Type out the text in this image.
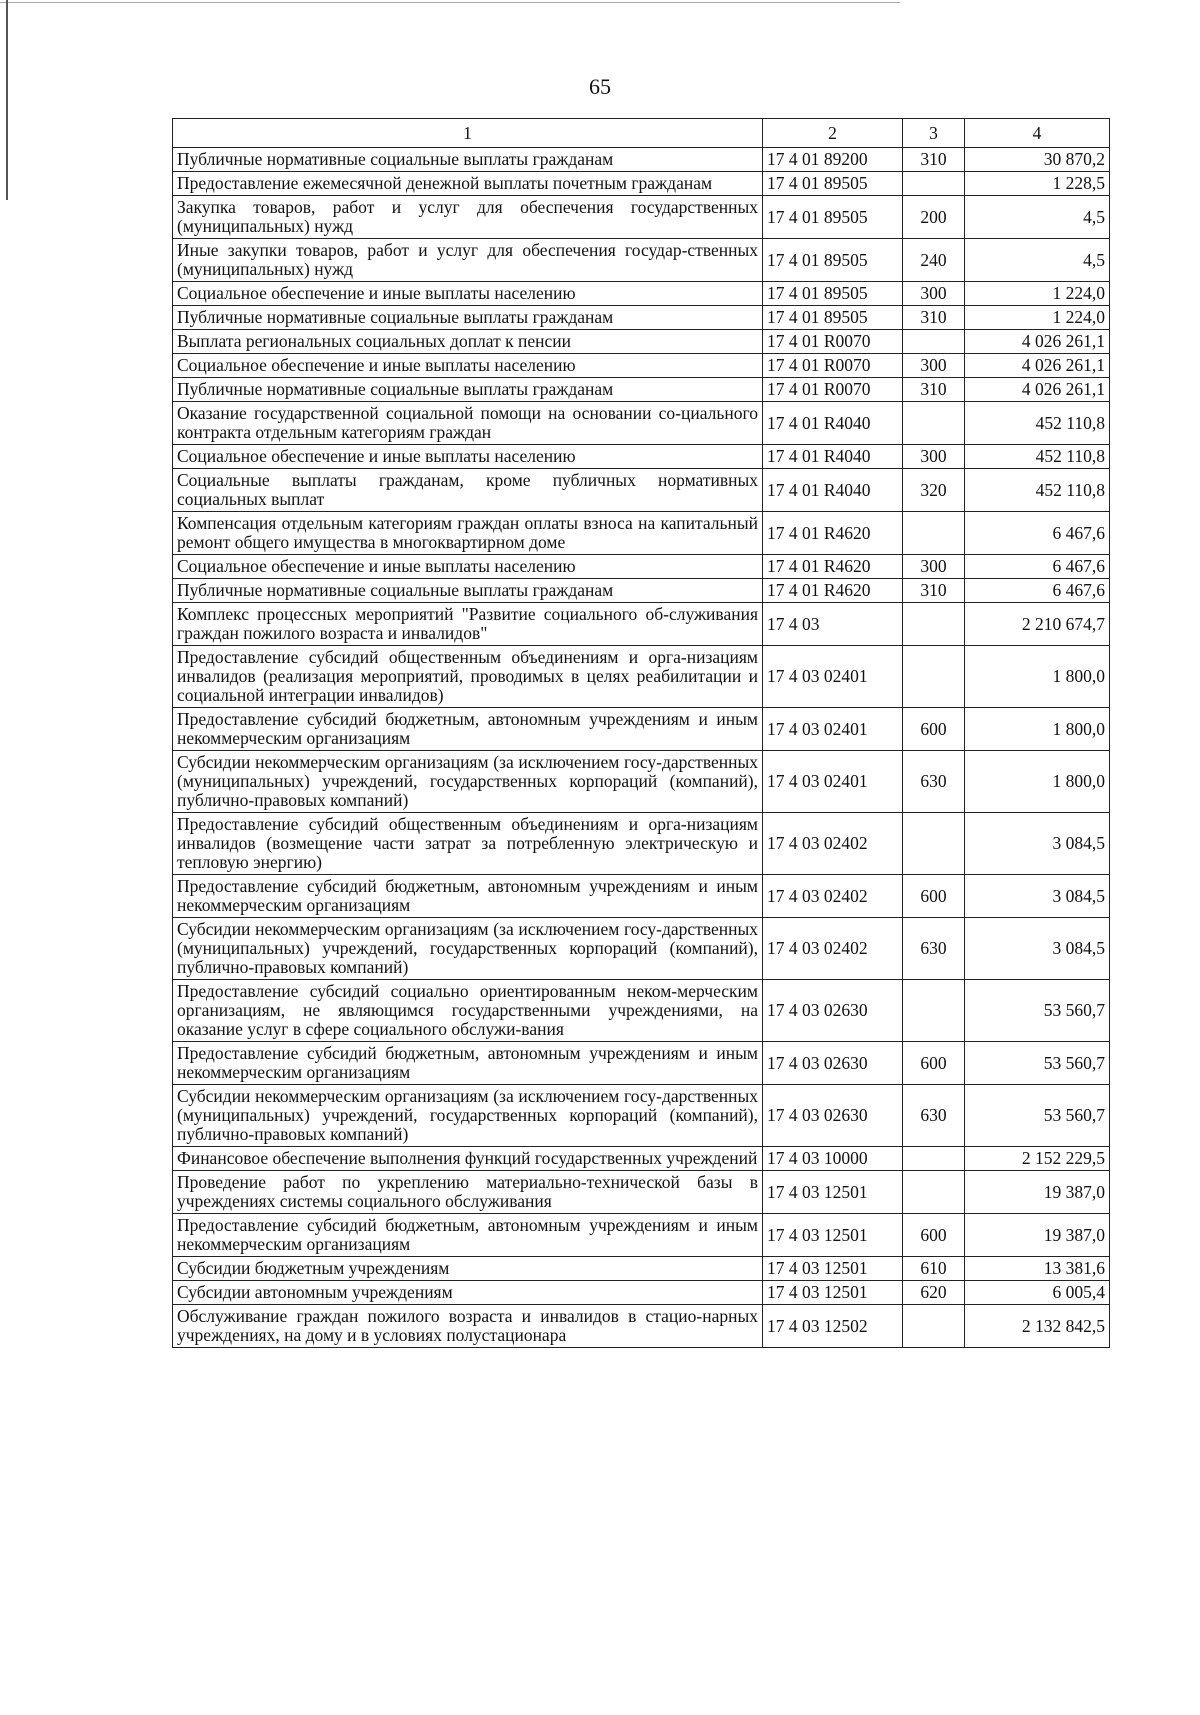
65
1	2	3	4
Публичные нормативные социальные выплаты гражданам	17 4 01 89200	310	30 870,2
Предоставление ежемесячной денежной выплаты почетным гражданам	17 4 01 89505		1 228,5
Закупка товаров, работ и услуг для обеспечения государственных (муниципальных) нужд	17 4 01 89505	200	4,5
Иные закупки товаров, работ и услуг для обеспечения государ-ственных (муниципальных) нужд	17 4 01 89505	240	4,5
Социальное обеспечение и иные выплаты населению	17 4 01 89505	300	1 224,0
Публичные нормативные социальные выплаты гражданам	17 4 01 89505	310	1 224,0
Выплата региональных социальных доплат к пенсии	17 4 01 R0070		4 026 261,1
Социальное обеспечение и иные выплаты населению	17 4 01 R0070	300	4 026 261,1
Публичные нормативные социальные выплаты гражданам	17 4 01 R0070	310	4 026 261,1
Оказание государственной социальной помощи на основании со-циального контракта отдельным категориям граждан	17 4 01 R4040		452 110,8
Социальное обеспечение и иные выплаты населению	17 4 01 R4040	300	452 110,8
Социальные выплаты гражданам, кроме публичных нормативных социальных выплат	17 4 01 R4040	320	452 110,8
Компенсация отдельным категориям граждан оплаты взноса на капитальный ремонт общего имущества в многоквартирном доме	17 4 01 R4620		6 467,6
Социальное обеспечение и иные выплаты населению	17 4 01 R4620	300	6 467,6
Публичные нормативные социальные выплаты гражданам	17 4 01 R4620	310	6 467,6
Комплекс процессных мероприятий "Развитие социального об-служивания граждан пожилого возраста и инвалидов"	17 4 03		2 210 674,7
Предоставление субсидий общественным объединениям и орга-низациям инвалидов (реализация мероприятий, проводимых в целях реабилитации и социальной интеграции инвалидов)	17 4 03 02401		1 800,0
Предоставление субсидий бюджетным, автономным учреждениям и иным некоммерческим организациям	17 4 03 02401	600	1 800,0
Субсидии некоммерческим организациям (за исключением госу-дарственных (муниципальных) учреждений, государственных корпораций (компаний), публично-правовых компаний)	17 4 03 02401	630	1 800,0
Предоставление субсидий общественным объединениям и орга-низациям инвалидов (возмещение части затрат за потребленную электрическую и тепловую энергию)	17 4 03 02402		3 084,5
Предоставление субсидий бюджетным, автономным учреждениям и иным некоммерческим организациям	17 4 03 02402	600	3 084,5
Субсидии некоммерческим организациям (за исключением госу-дарственных (муниципальных) учреждений, государственных корпораций (компаний), публично-правовых компаний)	17 4 03 02402	630	3 084,5
Предоставление субсидий социально ориентированным неком-мерческим организациям, не являющимся государственными учреждениями, на оказание услуг в сфере социального обслужи-вания	17 4 03 02630		53 560,7
Предоставление субсидий бюджетным, автономным учреждениям и иным некоммерческим организациям	17 4 03 02630	600	53 560,7
Субсидии некоммерческим организациям (за исключением госу-дарственных (муниципальных) учреждений, государственных корпораций (компаний), публично-правовых компаний)	17 4 03 02630	630	53 560,7
Финансовое обеспечение выполнения функций государственных учреждений	17 4 03 10000		2 152 229,5
Проведение работ по укреплению материально-технической базы в учреждениях системы социального обслуживания	17 4 03 12501		19 387,0
Предоставление субсидий бюджетным, автономным учреждениям и иным некоммерческим организациям	17 4 03 12501	600	19 387,0
Субсидии бюджетным учреждениям	17 4 03 12501	610	13 381,6
Субсидии автономным учреждениям	17 4 03 12501	620	6 005,4
Обслуживание граждан пожилого возраста и инвалидов в стацио-нарных учреждениях, на дому и в условиях полустационара	17 4 03 12502		2 132 842,5
